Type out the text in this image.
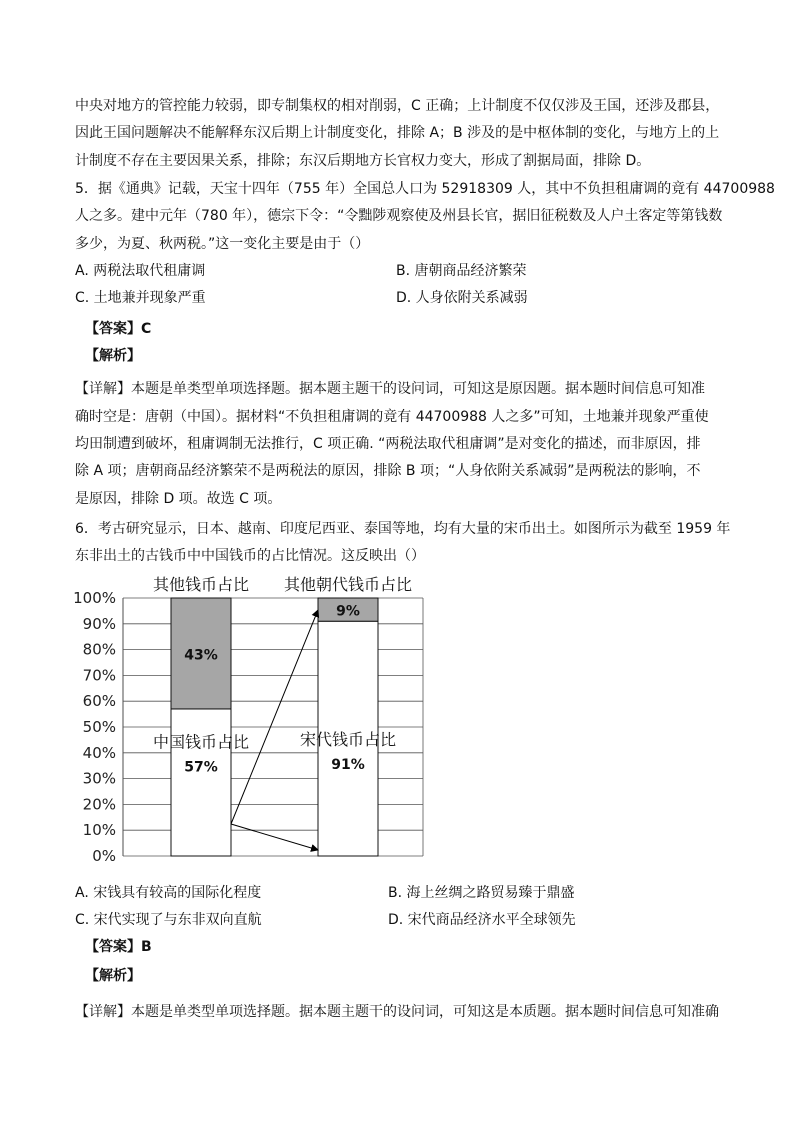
中央对地方的管控能力较弱，即专制集权的相对削弱，C 正确；上计制度不仅仅涉及王国，还涉及郡县，
因此王国问题解决不能解释东汉后期上计制度变化，排除 A；B 涉及的是中枢体制的变化，与地方上的上
计制度不存在主要因果关系，排除；东汉后期地方长官权力变大，形成了割据局面，排除 D。
5．据《通典》记载，天宝十四年（755 年）全国总人口为 52918309 人，其中不负担租庸调的竟有 44700988
人之多。建中元年（780 年），德宗下令：“令黜陟观察使及州县长官，据旧征税数及人户土客定等第钱数
多少，为夏、秋两税。”这一变化主要是由于（）
A. 两税法取代租庸调	B. 唐朝商品经济繁荣
C. 土地兼并现象严重	D. 人身依附关系减弱
【答案】C
【解析】
【详解】本题是单类型单项选择题。据本题主题干的设问词，可知这是原因题。据本题时间信息可知准
确时空是：唐朝（中国）。据材料“不负担租庸调的竟有 44700988 人之多”可知，土地兼并现象严重使
均田制遭到破坏，租庸调制无法推行，C 项正确. “两税法取代租庸调”是对变化的描述，而非原因，排
除 A 项；唐朝商品经济繁荣不是两税法的原因，排除 B 项；“人身依附关系减弱”是两税法的影响，不
是原因，排除 D 项。故选 C 项。
6．考古研究显示，日本、越南、印度尼西亚、泰国等地，均有大量的宋币出土。如图所示为截至 1959 年
东非出土的古钱币中中国钱币的占比情况。这反映出（）
0%
10%
20%
30%
40%
50%
60%
70%
80%
90%
100%
中国钱币占比
57%
其他钱币占比
43%
宋代钱币占比
91%
其他朝代钱币占比
9%
A. 宋钱具有较高的国际化程度	B. 海上丝绸之路贸易臻于鼎盛
C. 宋代实现了与东非双向直航	D. 宋代商品经济水平全球领先
【答案】B
【解析】
【详解】本题是单类型单项选择题。据本题主题干的设问词，可知这是本质题。据本题时间信息可知准确
